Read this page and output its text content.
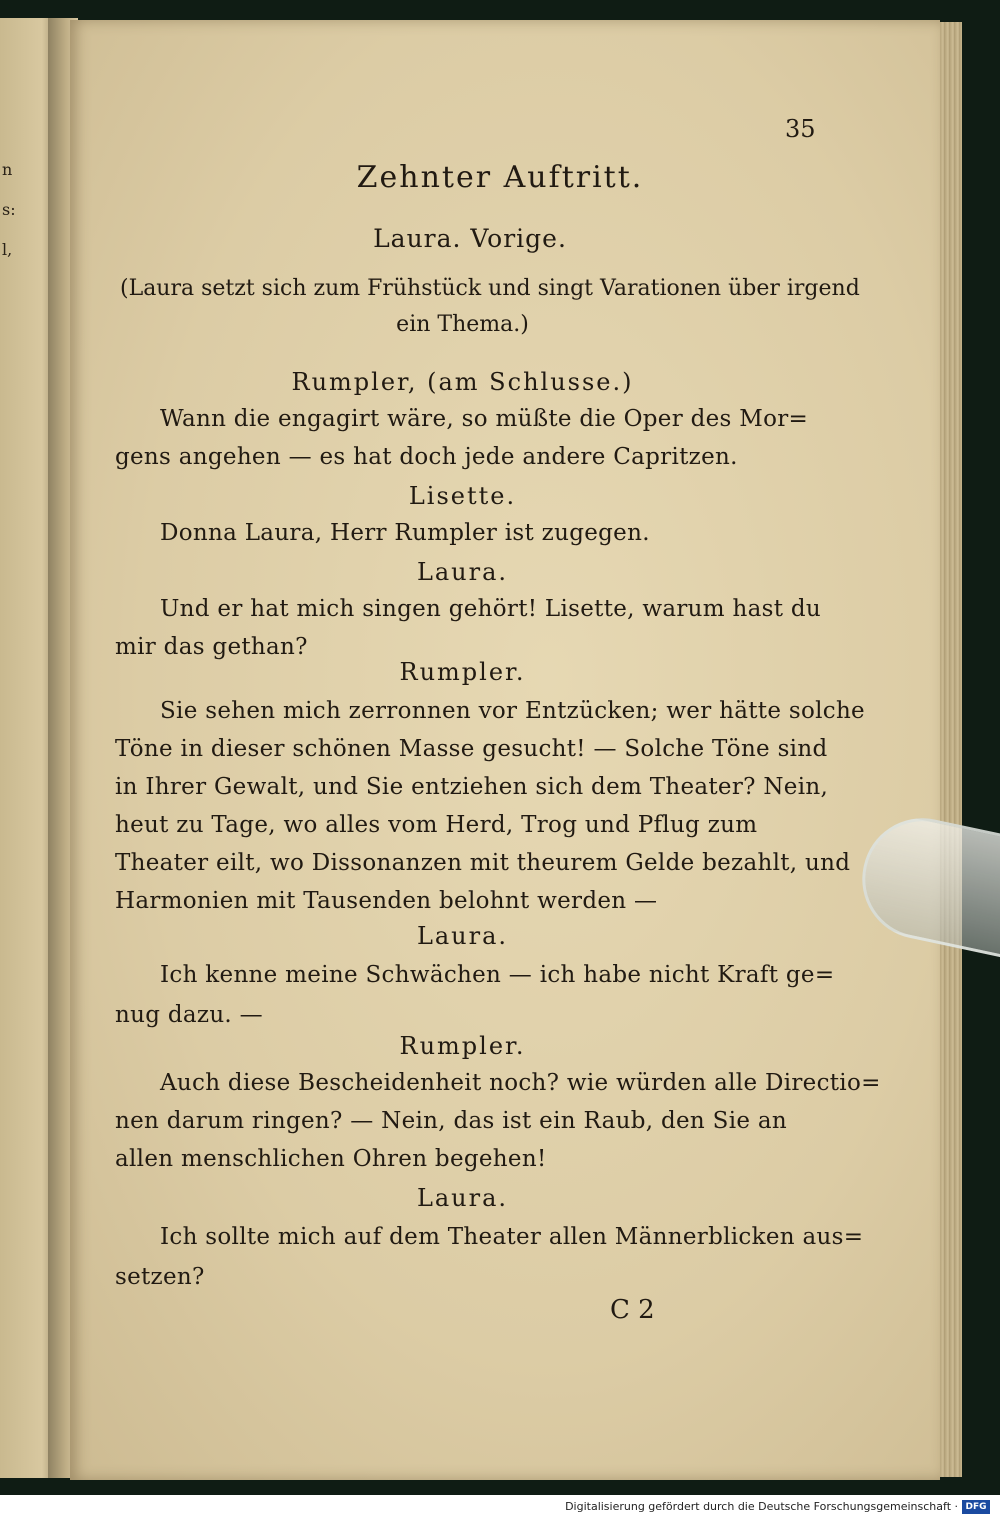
n
s:
l,
35
Zehnter Auftritt.
Laura. Vorige.
(Laura setzt sich zum Frühstück und singt Varationen über irgend
ein Thema.)
Rumpler, (am Schlusse.)
Wann die engagirt wäre, so müßte die Oper des Mor=
gens angehen — es hat doch jede andere Capritzen.
Lisette.
Donna Laura, Herr Rumpler ist zugegen.
Laura.
Und er hat mich singen gehört! Lisette, warum hast du
mir das gethan?
Rumpler.
Sie sehen mich zerronnen vor Entzücken; wer hätte solche
Töne in dieser schönen Masse gesucht! — Solche Töne sind
in Ihrer Gewalt, und Sie entziehen sich dem Theater? Nein,
heut zu Tage, wo alles vom Herd, Trog und Pflug zum
Theater eilt, wo Dissonanzen mit theurem Gelde bezahlt, und
Harmonien mit Tausenden belohnt werden —
Laura.
Ich kenne meine Schwächen — ich habe nicht Kraft ge=
nug dazu. —
Rumpler.
Auch diese Bescheidenheit noch? wie würden alle Directio=
nen darum ringen? — Nein, das ist ein Raub, den Sie an
allen menschlichen Ohren begehen!
Laura.
Ich sollte mich auf dem Theater allen Männerblicken aus=
setzen?
C 2
Digitalisierung gefördert durch die Deutsche Forschungsgemeinschaft · DFG
